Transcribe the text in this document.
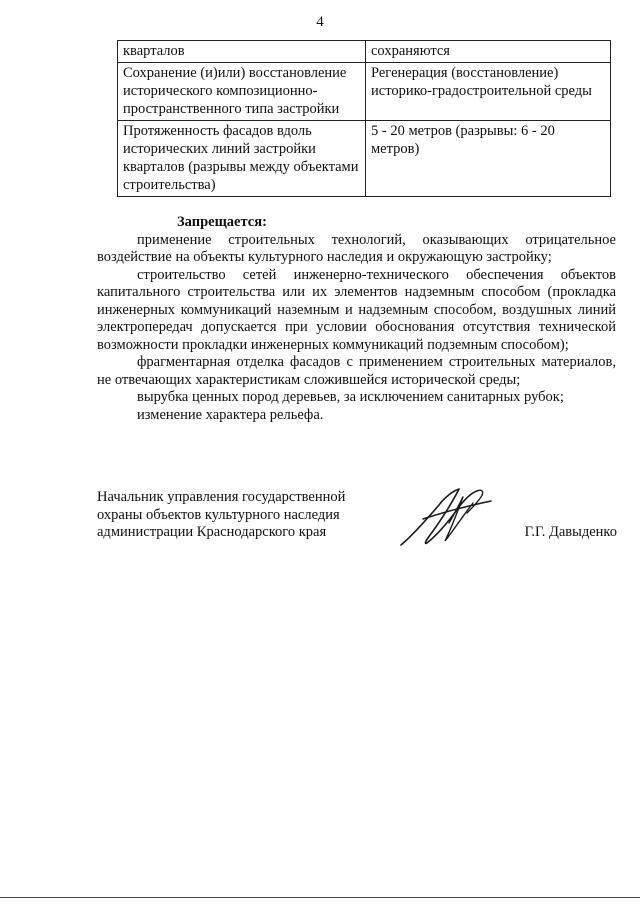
4
кварталов	сохраняются
Сохранение (и)или) восстановление исторического композиционно-пространственного типа застройки	Регенерация (восстановление) историко-градостроительной среды
Протяженность фасадов вдоль исторических линий застройки кварталов (разрывы между объектами строительства)	5 - 20 метров (разрывы: 6 - 20 метров)

Запрещается:

применение строительных технологий, оказывающих отрицательное воздействие на объекты культурного наследия и окружающую застройку;

строительство сетей инженерно-технического обеспечения объектов капитального строительства или их элементов надземным способом (прокладка инженерных коммуникаций наземным и надземным способом, воздушных линий электропередач допускается при условии обоснования отсутствия технической возможности прокладки инженерных коммуникаций подземным способом);

фрагментарная отделка фасадов с применением строительных материалов, не отвечающих характеристикам сложившейся исторической среды;

вырубка ценных пород деревьев, за исключением санитарных рубок;

изменение характера рельефа.

Начальник управления государственной
охраны объектов культурного наследия
администрации Краснодарского края	Г.Г. Давыденко
